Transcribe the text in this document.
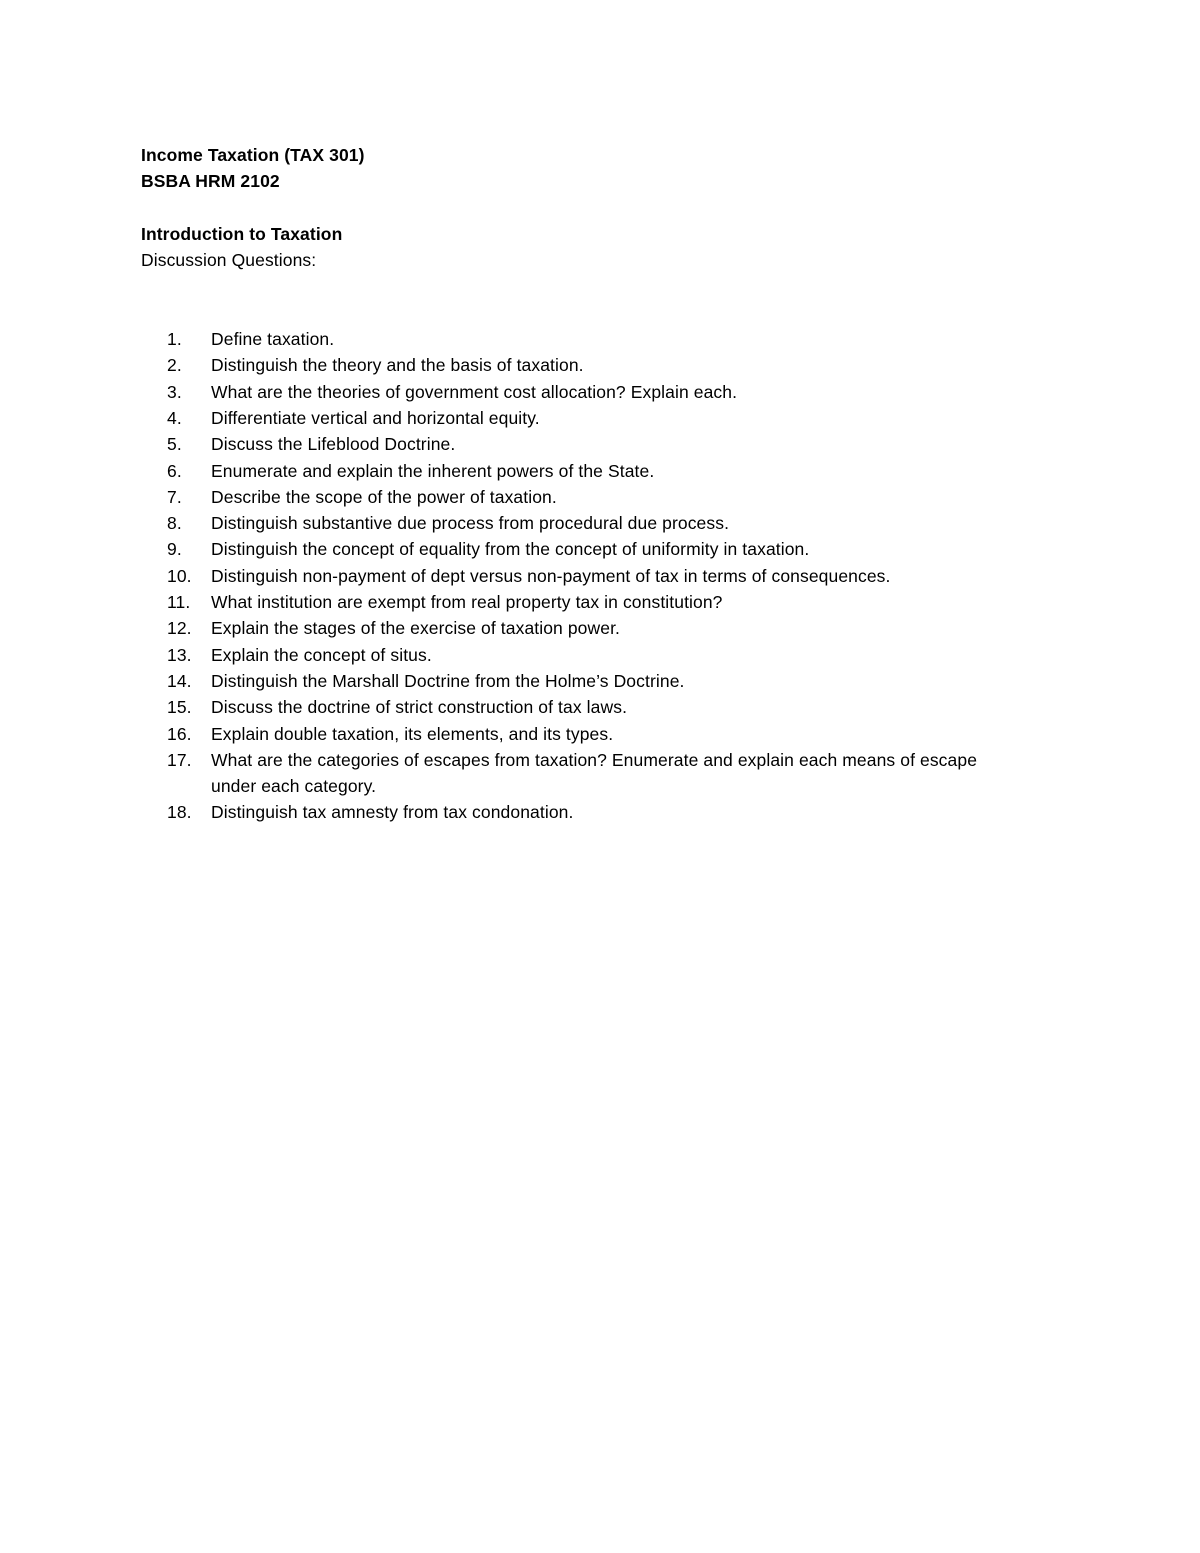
Income Taxation (TAX 301)
BSBA HRM 2102
Introduction to Taxation
Discussion Questions:
1.	Define taxation.
2.	Distinguish the theory and the basis of taxation.
3.	What are the theories of government cost allocation? Explain each.
4.	Differentiate vertical and horizontal equity.
5.	Discuss the Lifeblood Doctrine.
6.	Enumerate and explain the inherent powers of the State.
7.	Describe the scope of the power of taxation.
8.	Distinguish substantive due process from procedural due process.
9.	Distinguish the concept of equality from the concept of uniformity in taxation.
10.	Distinguish non-payment of dept versus non-payment of tax in terms of consequences.
11.	What institution are exempt from real property tax in constitution?
12.	Explain the stages of the exercise of taxation power.
13.	Explain the concept of situs.
14.	Distinguish the Marshall Doctrine from the Holme’s Doctrine.
15.	Discuss the doctrine of strict construction of tax laws.
16.	Explain double taxation, its elements, and its types.
17.	What are the categories of escapes from taxation? Enumerate and explain each means of escape under each category.
18.	Distinguish tax amnesty from tax condonation.
